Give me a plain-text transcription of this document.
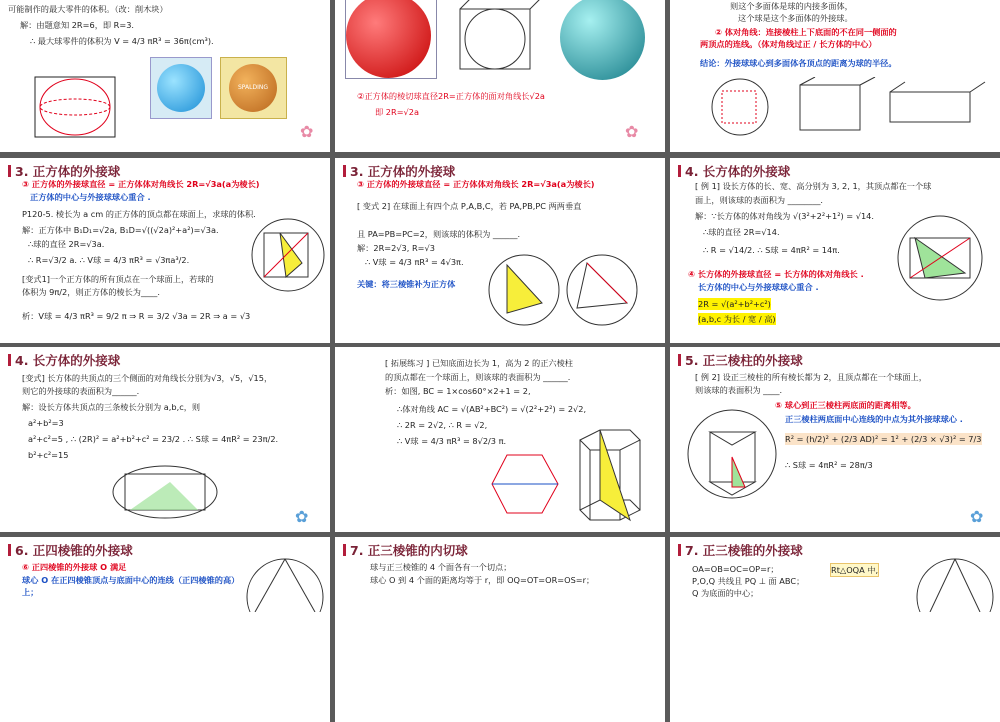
可能制作的最大零件的体积。（改：削木块）
解：由题意知 2R=6，即 R=3.
∴ 最大球零件的体积为 V = 4/3 πR³ = 36π(cm³).
SPALDING
✿
②正方体的棱切球直径2R=正方体的面对角线长√2a
即 2R=√2a
✿
则这个多面体是球的内接多面体，
这个球是这个多面体的外接球。
② 体对角线：连接棱柱上下底面的不在同一侧面的
两顶点的连线。（体对角线过正 / 长方体的中心）
结论：外接球球心到多面体各顶点的距离为球的半径。
3. 正方体的外接球
③ 正方体的外接球直径 = 正方体体对角线长 2R=√3a(a为棱长)
正方体的中心与外接球球心重合 .
P120-5. 棱长为 a cm 的正方体的顶点都在球面上，求球的体积．
解：正方体中 B₁D₁=√2a, B₁D=√((√2a)²+a²)=√3a.
∴球的直径 2R=√3a.
∴ R=√3/2 a. ∴ V球 = 4/3 πR³ = √3πa³/2.
[变式1]一个正方体的所有顶点在一个球面上，若球的
体积为 9π/2，则正方体的棱长为____.
析：V球 = 4/3 πR³ = 9/2 π ⇒ R = 3/2 √3a = 2R ⇒ a = √3
3. 正方体的外接球
③ 正方体的外接球直径 = 正方体体对角线长 2R=√3a(a为棱长)
[ 变式 2] 在球面上有四个点 P,A,B,C，若 PA,PB,PC 两两垂直
且 PA=PB=PC=2，则该球的体积为 ______.
解：2R=2√3, R=√3
∴ V球 = 4/3 πR³ = 4√3π.
关键：将三棱锥补为正方体
4. 长方体的外接球
[ 例 1] 设长方体的长、宽、高分别为 3, 2, 1，其顶点都在一个球
面上，则该球的表面积为 ________.
解：∵长方体的体对角线为 √(3²+2²+1²) = √14.
∴球的直径 2R=√14.
∴ R = √14/2. ∴ S球 = 4πR² = 14π.
④ 长方体的外接球直径 = 长方体的体对角线长 .
长方体的中心与外接球球心重合 .
2R = √(a²+b²+c²)
(a,b,c 为长 / 宽 / 高)
4. 长方体的外接球
[变式] 长方体的共顶点的三个侧面的对角线长分别为√3，√5，√15，
则它的外接球的表面积为______.
解：设长方体共顶点的三条棱长分别为 a,b,c，则
a²+b²=3
a²+c²=5 , ∴ (2R)² = a²+b²+c² = 23/2 . ∴ S球 = 4πR² = 23π/2.
b²+c²=15
✿
[ 拓展练习 ] 已知底面边长为 1，高为 2 的正六棱柱
的顶点都在一个球面上，则该球的表面积为 ______.
析：如图, BC = 1×cos60°×2+1 = 2,
∴体对角线 AC = √(AB²+BC²) = √(2²+2²) = 2√2,
∴ 2R = 2√2, ∴ R = √2,
∴ V球 = 4/3 πR³ = 8√2/3 π.
5. 正三棱柱的外接球
[ 例 2] 设正三棱柱的所有棱长都为 2，且顶点都在一个球面上，
则该球的表面积为 ____.
⑤ 球心到正三棱柱两底面的距离相等。
正三棱柱两底面中心连线的中点为其外接球球心 .
R² = (h/2)² + (2/3 AD)² = 1² + (2/3 × √3)² = 7/3
∴ S球 = 4πR² = 28π/3
✿
6. 正四棱锥的外接球
⑥ 正四棱锥的外接球 O 满足
球心 O 在正四棱锥顶点与底面中心的连线（正四棱锥的高）上；
7. 正三棱锥的内切球
球与正三棱锥的 4 个面各有一个切点；
球心 O 到 4 个面的距离均等于 r，即 OQ=OT=OR=OS=r；
7. 正三棱锥的外接球
OA=OB=OC=OP=r；
P,O,Q 共线且 PQ ⊥ 面 ABC；
Q 为底面的中心；
Rt△OQA 中,
